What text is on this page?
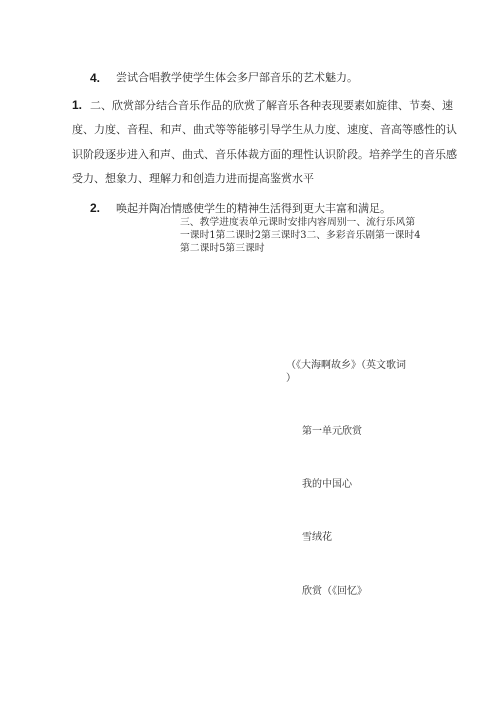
4. 尝试合唱教学使学生体会多尸部音乐的艺术魅力。
1. 二、欣赏部分结合音乐作品的欣赏了解音乐各种表现要素如旋律、节奏、速
度、力度、音程、和声、曲式等等能够引导学生从力度、速度、音高等感性的认
识阶段逐步进入和声、曲式、音乐体裁方面的理性认识阶段。培养学生的音乐感
受力、想象力、理解力和创造力进而提高鉴赏水平
2. 唤起并陶冶情感使学生的精神生活得到更大丰富和满足。
三、教学进度表单元课时安排内容周别一、流行乐风第
一课时1第二课时2第三课时3二、多彩音乐剧第一课时4
第二课时5第三课时
（《大海啊故乡》（英文歌词
）
第一单元欣赏
我的中国心
雪绒花
欣赏（《回忆》
